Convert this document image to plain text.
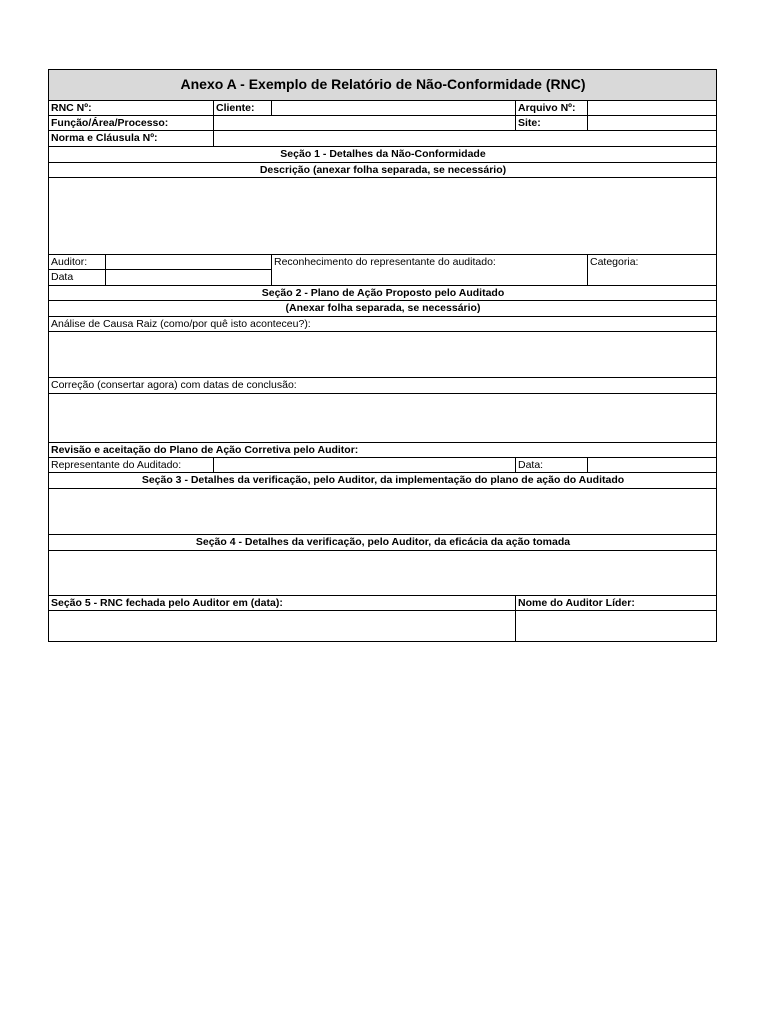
Anexo A - Exemplo de Relatório de Não-Conformidade (RNC)
RNC Nº:	Cliente:	Arquivo Nº:
Função/Área/Processo:	Site:
Norma e Cláusula Nº:
Seção 1 - Detalhes da Não-Conformidade
Descrição (anexar folha separada, se necessário)
Auditor:
Data
Reconhecimento do representante do auditado:	Categoria:
Seção 2 - Plano de Ação Proposto pelo Auditado
(Anexar folha separada, se necessário)
Análise de Causa Raiz (como/por quê isto aconteceu?):
Correção (consertar agora) com datas de conclusão:
Revisão e aceitação do Plano de Ação Corretiva pelo Auditor:
Representante do Auditado:	Data:
Seção 3 - Detalhes da verificação, pelo Auditor, da implementação do plano de ação do Auditado
Seção 4 - Detalhes da verificação, pelo Auditor, da eficácia da ação tomada
Seção 5 - RNC fechada pelo Auditor em (data):	Nome do Auditor Líder:
